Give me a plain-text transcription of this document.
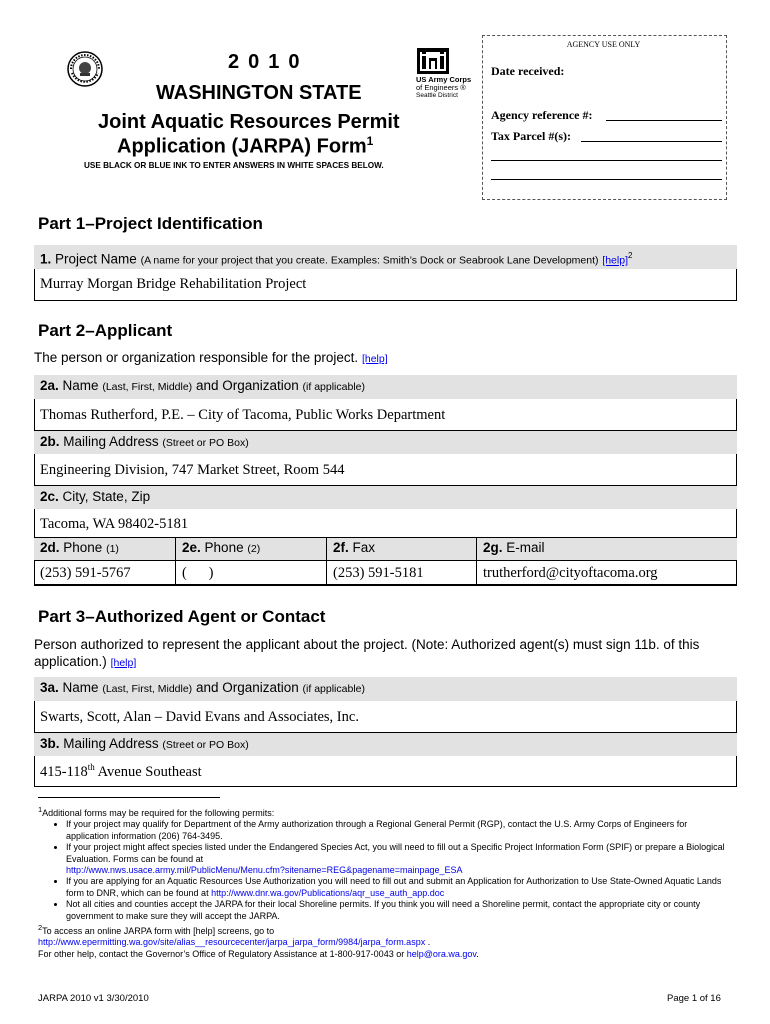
US Army Corps
of Engineers ®
Seattle District
2010
WASHINGTON STATE
Joint Aquatic Resources Permit
Application (JARPA) Form$^1$
USE BLACK OR BLUE INK TO ENTER ANSWERS IN WHITE SPACES BELOW.
AGENCY USE ONLY
Date received:
Agency reference #:
Tax Parcel #(s):
Part 1–Project Identification
1. Project Name (A name for your project that you create. Examples: Smith’s Dock or Seabrook Lane Development) [help]$^2$
Murray Morgan Bridge Rehabilitation Project
Part 2–Applicant
The person or organization responsible for the project. [help]
2a. Name (Last, First, Middle) and Organization (if applicable)
Thomas Rutherford, P.E. – City of Tacoma, Public Works Department
2b. Mailing Address (Street or PO Box)
Engineering Division, 747 Market Street, Room 544
2c. City, State, Zip
Tacoma, WA 98402-5181
2d. Phone (1)
(253) 591-5767
2e. Phone (2)
(      )
2f. Fax
(253) 591-5181
2g. E-mail
trutherford@cityoftacoma.org
Part 3–Authorized Agent or Contact
Person authorized to represent the applicant about the project. (Note: Authorized agent(s) must sign 11b. of this
application.) [help]
3a. Name (Last, First, Middle) and Organization (if applicable)
Swarts, Scott, Alan – David Evans and Associates, Inc.
3b. Mailing Address (Street or PO Box)
415-118th Avenue Southeast
$^1$Additional forms may be required for the following permits:
• If your project may qualify for Department of the Army authorization through a Regional General Permit (RGP), contact the U.S. Army Corps of Engineers for application information (206) 764-3495.
• If your project might affect species listed under the Endangered Species Act, you will need to fill out a Specific Project Information Form (SPIF) or prepare a Biological Evaluation. Forms can be found at
http://www.nws.usace.army.mil/PublicMenu/Menu.cfm?sitename=REG&pagename=mainpage_ESA
• If you are applying for an Aquatic Resources Use Authorization you will need to fill out and submit an Application for Authorization to Use State-Owned Aquatic Lands form to DNR, which can be found at http://www.dnr.wa.gov/Publications/aqr_use_auth_app.doc
• Not all cities and counties accept the JARPA for their local Shoreline permits. If you think you will need a Shoreline permit, contact the appropriate city or county government to make sure they will accept the JARPA.
$^2$To access an online JARPA form with [help] screens, go to
http://www.epermitting.wa.gov/site/alias__resourcecenter/jarpa_jarpa_form/9984/jarpa_form.aspx .
For other help, contact the Governor’s Office of Regulatory Assistance at 1-800-917-0043 or help@ora.wa.gov.
JARPA 2010 v1 3/30/2010	Page 1 of 16
